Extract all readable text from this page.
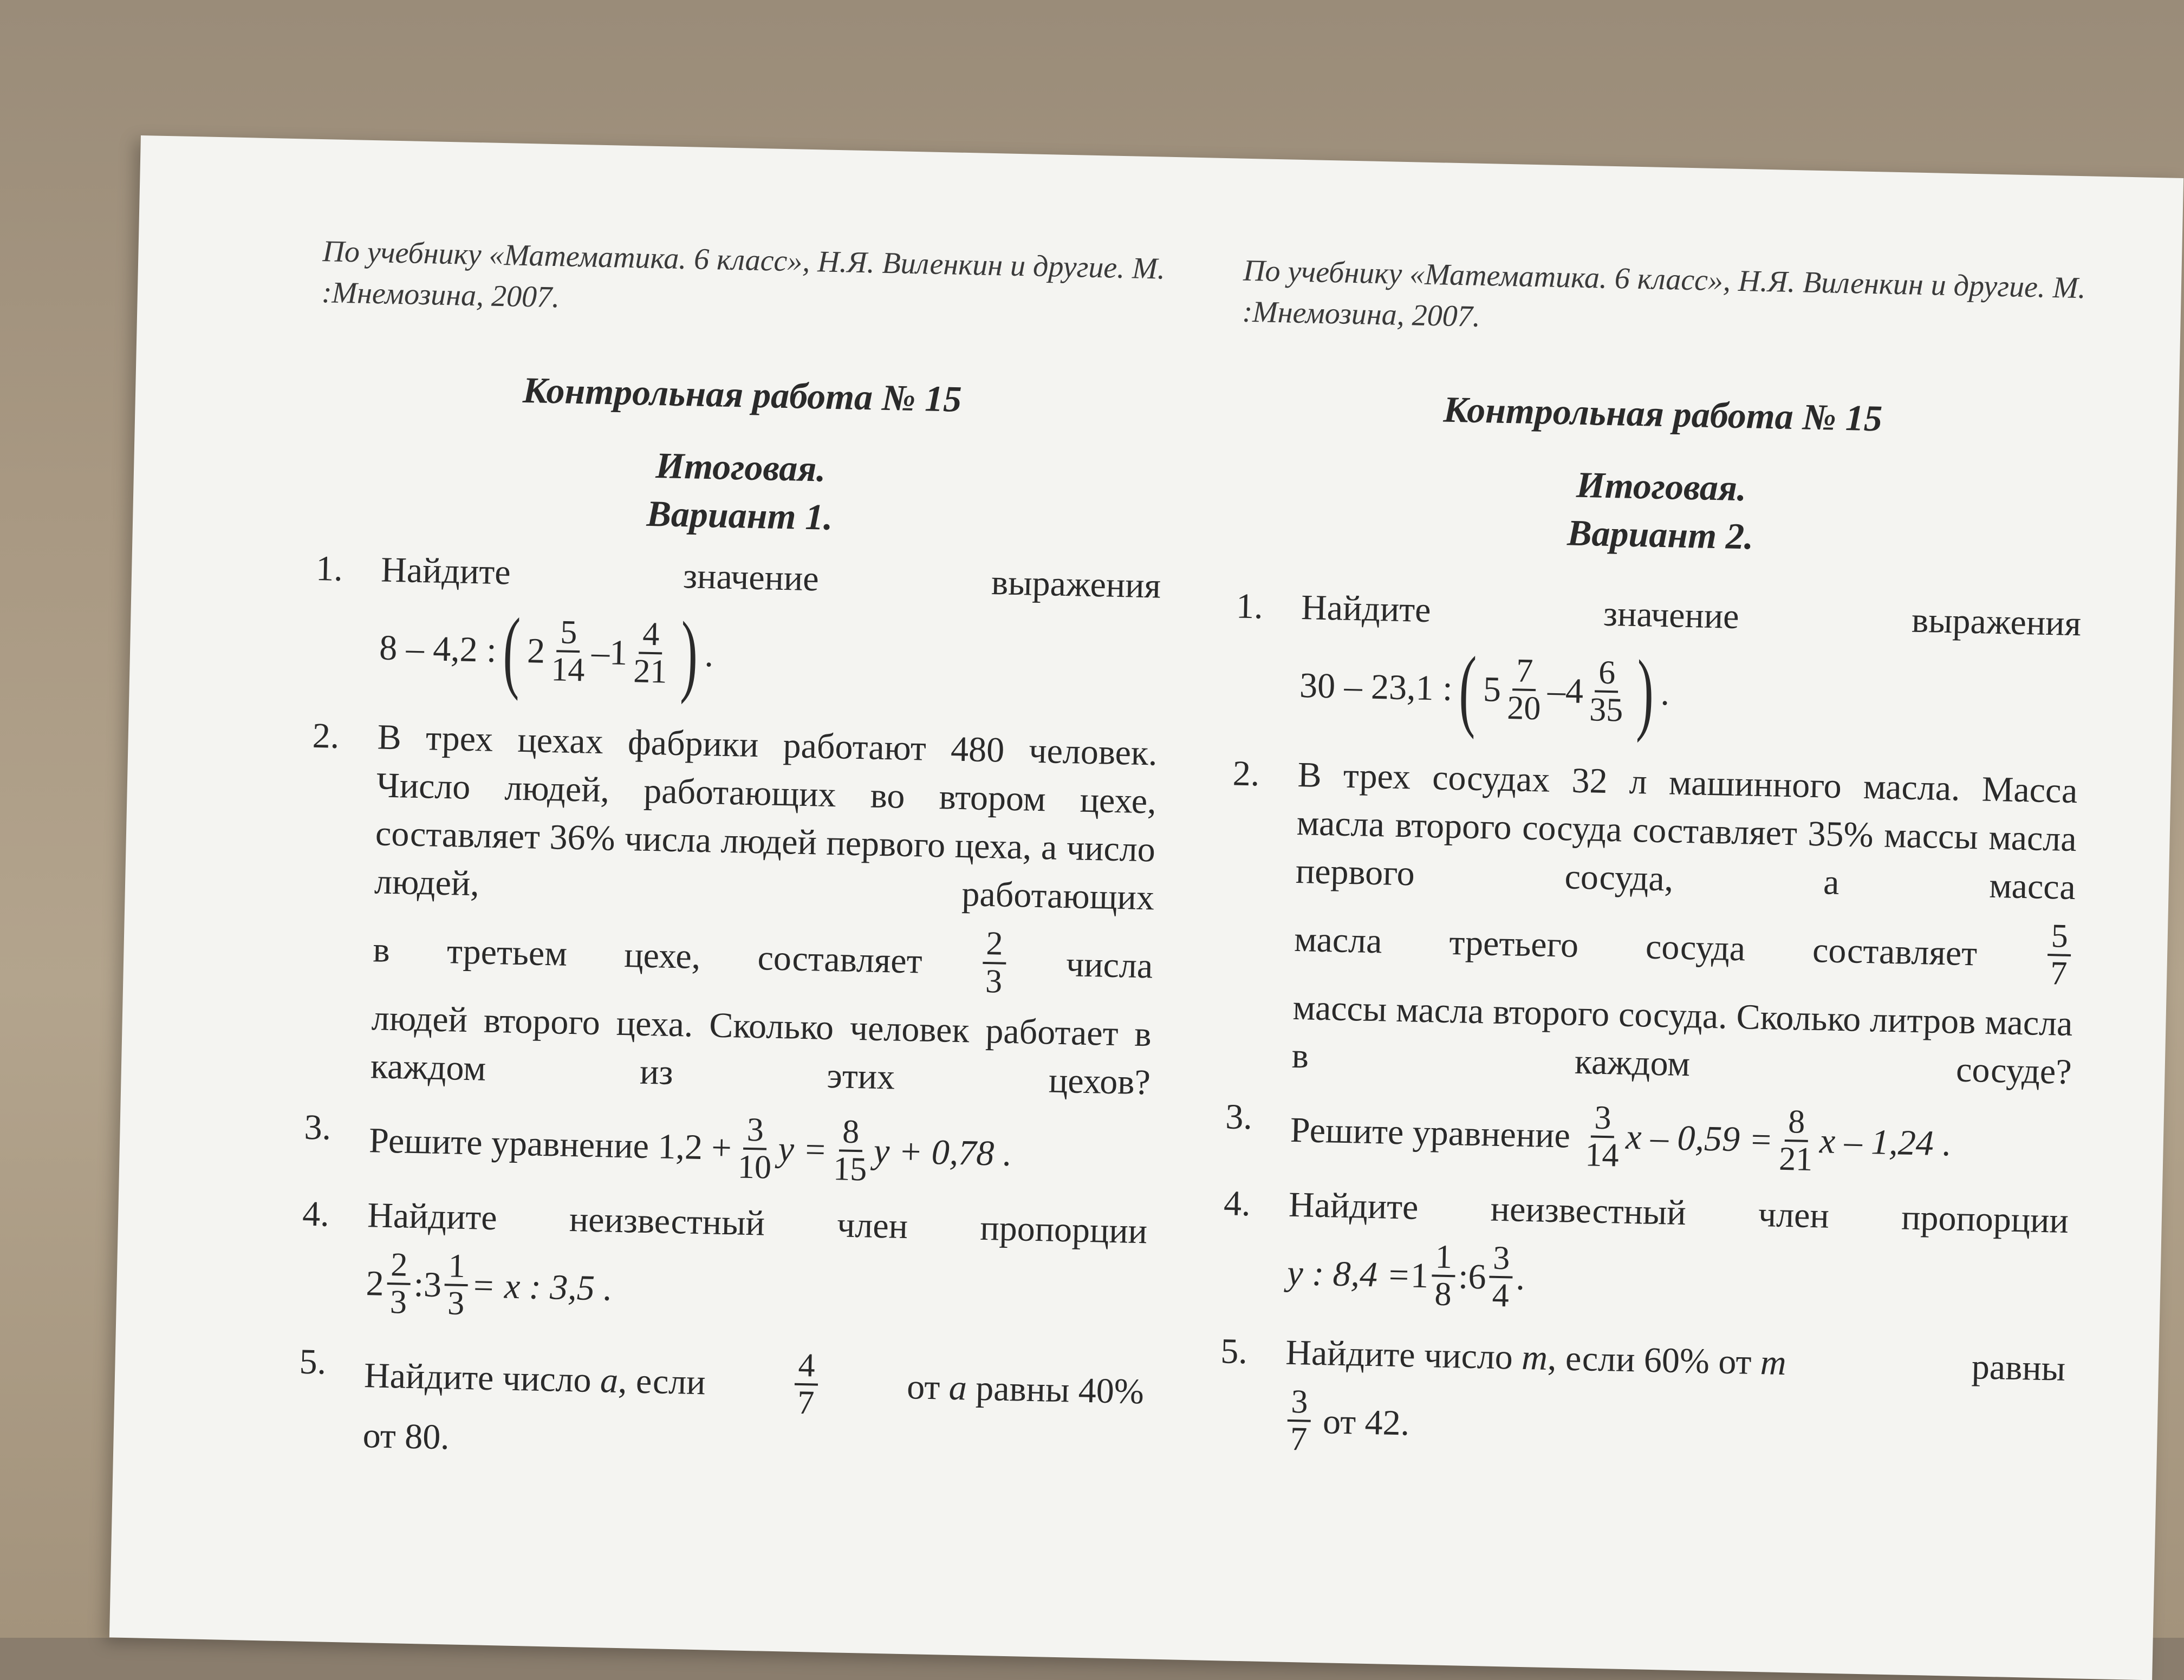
По учебнику «Математика. 6 класс», Н.Я. Виленкин и другие. М. :Мнемозина, 2007.
Контрольная работа № 15
Итоговая.
Вариант 1.
1. Найдите	значение	выражения
8 – 4,2 : ( $2 \frac{5}{14}$ –
$1 \frac{4}{21}$ ) .
2. В трех цехах фабрики работают 480 человек. Число людей, работающих во втором цехе, составляет 36% числа людей первого цеха, а число людей, работающих
в третьем цехе, составляет $\frac{2}{3}$ числа
людей второго цеха. Сколько человек работает в каждом из этих цехов?
3. Решите уравнение
$1,2 + \frac{3}{10}$ $y = \frac{8}{15}$ y + 0,78 .
4. Найдите неизвестный член пропорции
$2 \frac{2}{3}$ :
$3 \frac{1}{3} = x$ : 3,5 .
5. Найдите число a, если	$\frac{4}{7}$ от a равны 40%
от 80.
По учебнику «Математика. 6 класс», Н.Я. Виленкин и другие. М. :Мнемозина, 2007.
Контрольная работа № 15
Итоговая.
Вариант 2.
1. Найдите	значение	выражения
30 – 23,1 : ( $5 \frac{7}{20}$ –
$4 \frac{6}{35}$ ) .
2. В трех сосудах 32 л машинного масла. Масса масла второго сосуда составляет 35% массы масла первого сосуда, а масса
масла третьего сосуда составляет $\frac{5}{7}$
массы масла второго сосуда. Сколько литров масла в каждом сосуде?
3. Решите уравнение
$\frac{3}{14}$ $x - 0,59 = \frac{8}{21}$ x – 1,24 .
4. Найдите неизвестный член пропорции
y : 8,4 =
$1 \frac{1}{8}$ :
$6 \frac{3}{4}$ .
5. Найдите число m, если 60% от m	равны
$\frac{3}{7}$
от 42.
